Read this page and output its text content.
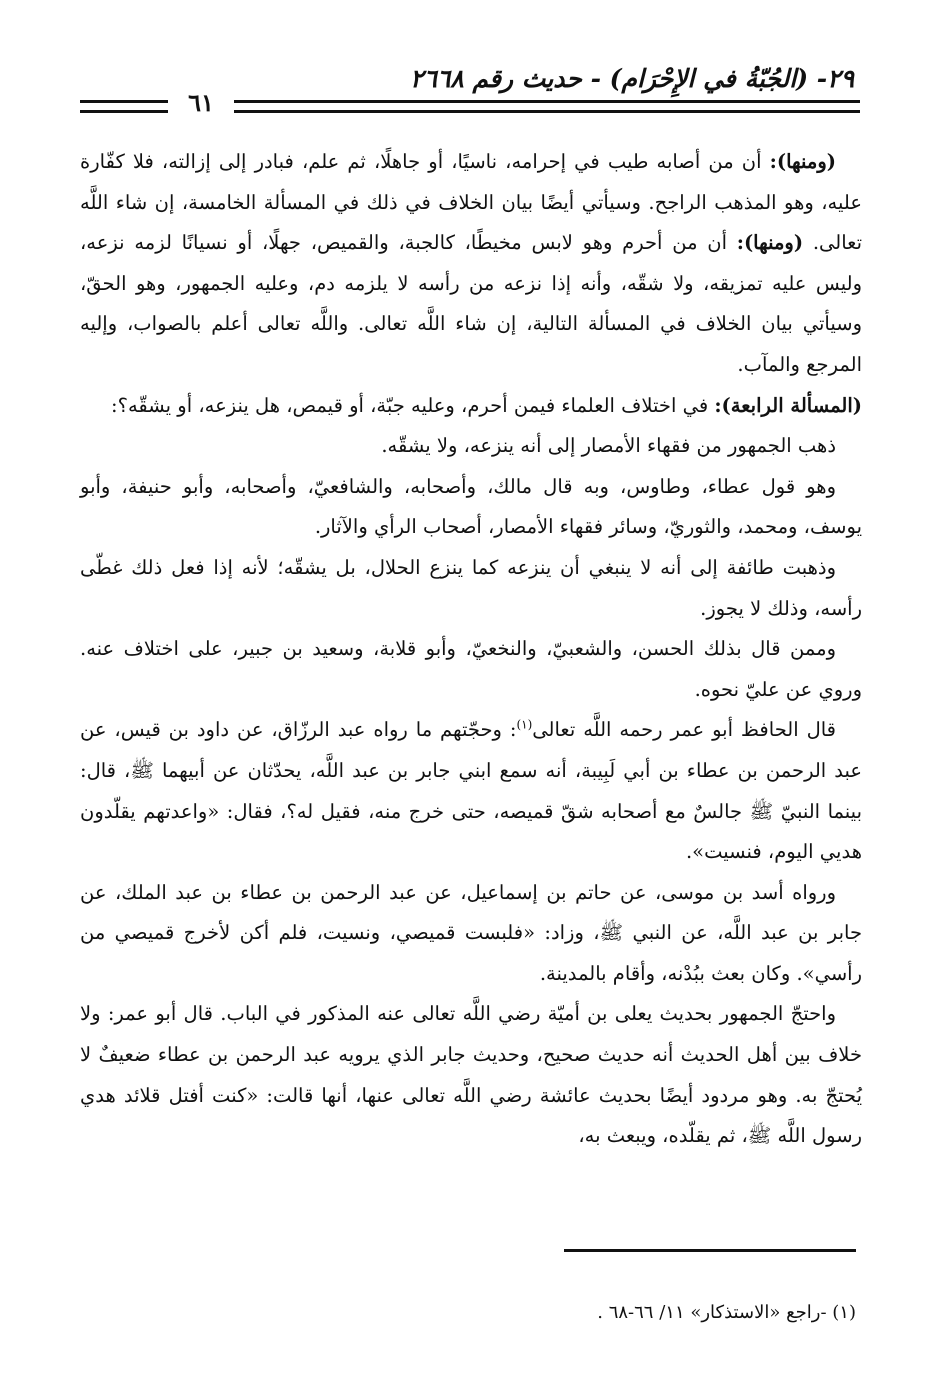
٢٩- (الجُبّةُ في الإِحْرَام) - حديث رقم ٢٦٦٨
٦١

(ومنها): أن من أصابه طيب في إحرامه، ناسيًا، أو جاهلًا، ثم علم، فبادر إلى إزالته، فلا كفّارة عليه، وهو المذهب الراجح. وسيأتي أيضًا بيان الخلاف في ذلك في المسألة الخامسة، إن شاء اللَّه تعالى. (ومنها): أن من أحرم وهو لابس مخيطًا، كالجبة، والقميص، جهلًا، أو نسيانًا لزمه نزعه، وليس عليه تمزيقه، ولا شقّه، وأنه إذا نزعه من رأسه لا يلزمه دم، وعليه الجمهور، وهو الحقّ، وسيأتي بيان الخلاف في المسألة التالية، إن شاء اللَّه تعالى. واللَّه تعالى أعلم بالصواب، وإليه المرجع والمآب.

(المسألة الرابعة): في اختلاف العلماء فيمن أحرم، وعليه جبّة، أو قيمص، هل ينزعه، أو يشقّه؟:

ذهب الجمهور من فقهاء الأمصار إلى أنه ينزعه، ولا يشقّه.

وهو قول عطاء، وطاوس، وبه قال مالك، وأصحابه، والشافعيّ، وأصحابه، وأبو حنيفة، وأبو يوسف، ومحمد، والثوريّ، وسائر فقهاء الأمصار، أصحاب الرأي والآثار.

وذهبت طائفة إلى أنه لا ينبغي أن ينزعه كما ينزع الحلال، بل يشقّه؛ لأنه إذا فعل ذلك غطّى رأسه، وذلك لا يجوز.

وممن قال بذلك الحسن، والشعبيّ، والنخعيّ، وأبو قلابة، وسعيد بن جبير، على اختلاف عنه. وروي عن عليّ نحوه.

قال الحافظ أبو عمر رحمه اللَّه تعالى$^{(١)}$: وحجّتهم ما رواه عبد الرزّاق، عن داود بن قيس، عن عبد الرحمن بن عطاء بن أبي لَبِيبة، أنه سمع ابني جابر بن عبد اللَّه، يحدّثان عن أبيهما ﷺ، قال: بينما النبيّ ﷺ جالسٌ مع أصحابه شقّ قميصه، حتى خرج منه، فقيل له؟، فقال: «واعدتهم يقلّدون هديي اليوم، فنسيت».

ورواه أسد بن موسى، عن حاتم بن إسماعيل، عن عبد الرحمن بن عطاء بن عبد الملك، عن جابر بن عبد اللَّه، عن النبي ﷺ، وزاد: «فلبست قميصي، ونسيت، فلم أكن لأخرج قميصي من رأسي». وكان بعث ببُدْنه، وأقام بالمدينة.

واحتجّ الجمهور بحديث يعلى بن أميّة رضي اللَّه تعالى عنه المذكور في الباب. قال أبو عمر: ولا خلاف بين أهل الحديث أنه حديث صحيح، وحديث جابر الذي يرويه عبد الرحمن بن عطاء ضعيفٌ لا يُحتجّ به. وهو مردود أيضًا بحديث عائشة رضي اللَّه تعالى عنها، أنها قالت: «كنت أفتل قلائد هدي رسول اللَّه ﷺ، ثم يقلّده، ويبعث به،

(١) -راجع «الاستذكار» ١١/ ٦٦-٦٨ .
